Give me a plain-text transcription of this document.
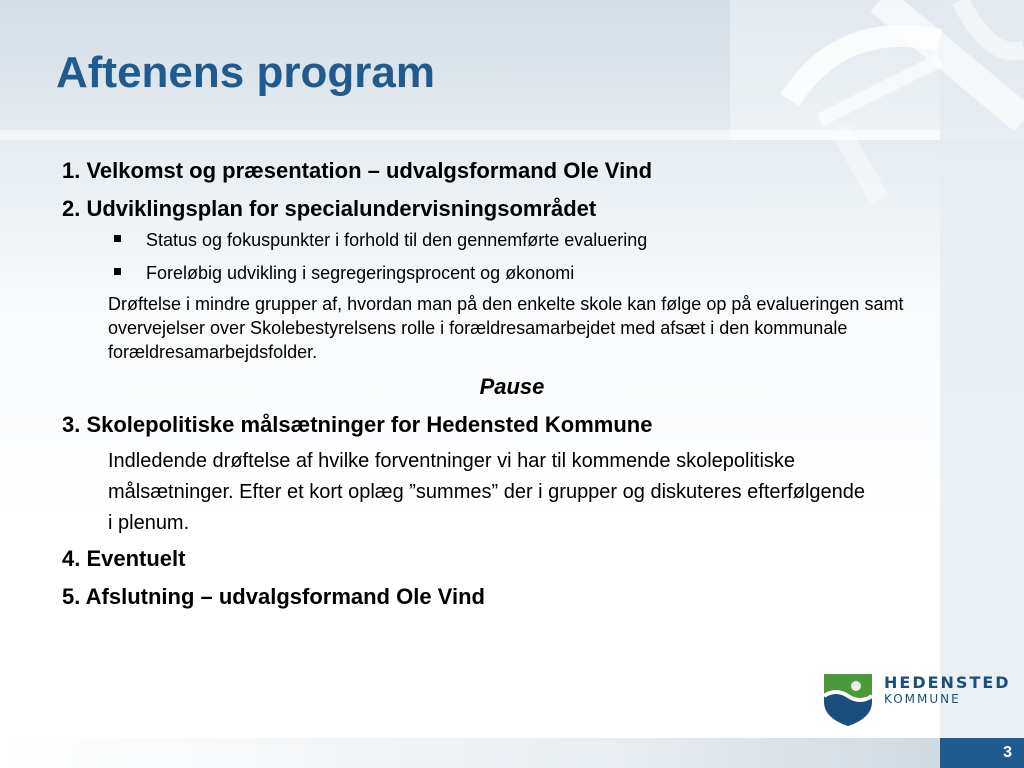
Aftenens program
1. Velkomst og præsentation – udvalgsformand Ole Vind
2. Udviklingsplan for specialundervisningsområdet
Status og fokuspunkter i forhold til den gennemførte evaluering
Foreløbig udvikling i segregeringsprocent og økonomi
Drøftelse i mindre grupper af, hvordan man på den enkelte skole kan følge op på evalueringen samt overvejelser over Skolebestyrelsens rolle i forældresamarbejdet med afsæt i den kommunale forældresamarbejdsfolder.
Pause
3. Skolepolitiske målsætninger for Hedensted Kommune
Indledende drøftelse af hvilke forventninger vi har til kommende skolepolitiske målsætninger. Efter et kort oplæg ”summes” der i grupper og diskuteres efterfølgende i plenum.
4. Eventuelt
5. Afslutning – udvalgsformand Ole Vind
HEDENSTED
KOMMUNE
3
